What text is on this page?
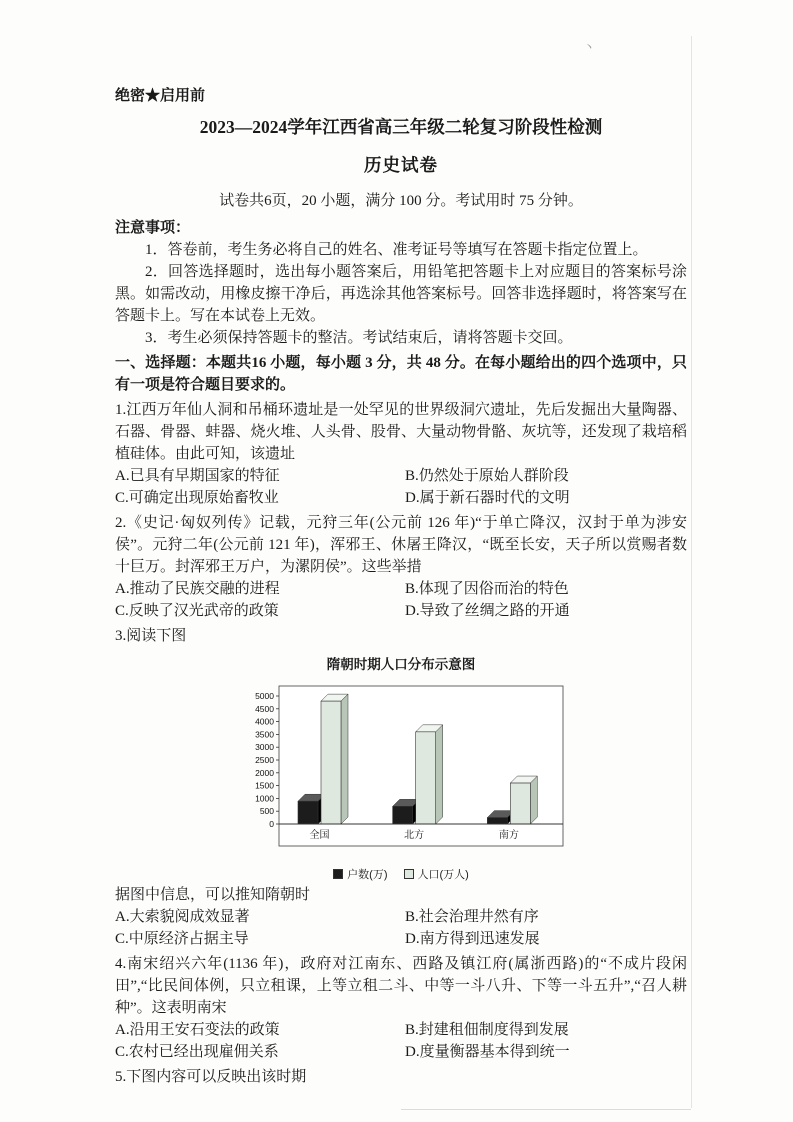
丶
绝密★启用前
2023—2024学年江西省高三年级二轮复习阶段性检测
历史试卷
试卷共6页，20 小题，满分 100 分。考试用时 75 分钟。
注意事项：

1．答卷前，考生务必将自己的姓名、准考证号等填写在答题卡指定位置上。

2．回答选择题时，选出每小题答案后，用铅笔把答题卡上对应题目的答案标号涂黑。如需改动，用橡皮擦干净后，再选涂其他答案标号。回答非选择题时，将答案写在答题卡上。写在本试卷上无效。

3．考生必须保持答题卡的整洁。考试结束后，请将答题卡交回。

一、选择题：本题共16 小题，每小题 3 分，共 48 分。在每小题给出的四个选项中，只有一项是符合题目要求的。

1.江西万年仙人洞和吊桶环遗址是一处罕见的世界级洞穴遗址，先后发掘出大量陶器、石器、骨器、蚌器、烧火堆、人头骨、股骨、大量动物骨骼、灰坑等，还发现了栽培稻植硅体。由此可知，该遗址

A.已具有早期国家的特征	B.仍然处于原始人群阶段
C.可确定出现原始畜牧业	D.属于新石器时代的文明

2.《史记·匈奴列传》记载，元狩三年(公元前 126 年)“于单亡降汉，汉封于单为涉安侯”。元狩二年(公元前 121 年)，浑邪王、休屠王降汉，“既至长安，天子所以赏赐者数十巨万。封浑邪王万户，为漯阴侯”。这些举措

A.推动了民族交融的进程	B.体现了因俗而治的特色
C.反映了汉光武帝的政策	D.导致了丝绸之路的开通

3.阅读下图

隋朝时期人口分布示意图
0
500
1000
1500
2000
2500
3000
3500
4000
4500
5000
全国	北方	南方
户数(万)	人口(万人)

据图中信息，可以推知隋朝时

A.大索貌阅成效显著	B.社会治理井然有序
C.中原经济占据主导	D.南方得到迅速发展

4.南宋绍兴六年(1136 年)，政府对江南东、西路及镇江府(属浙西路)的“不成片段闲田”,“比民间体例，只立租课，上等立租二斗、中等一斗八升、下等一斗五升”,“召人耕种”。这表明南宋

A.沿用王安石变法的政策	B.封建租佃制度得到发展
C.农村已经出现雇佣关系	D.度量衡器基本得到统一

5.下图内容可以反映出该时期
